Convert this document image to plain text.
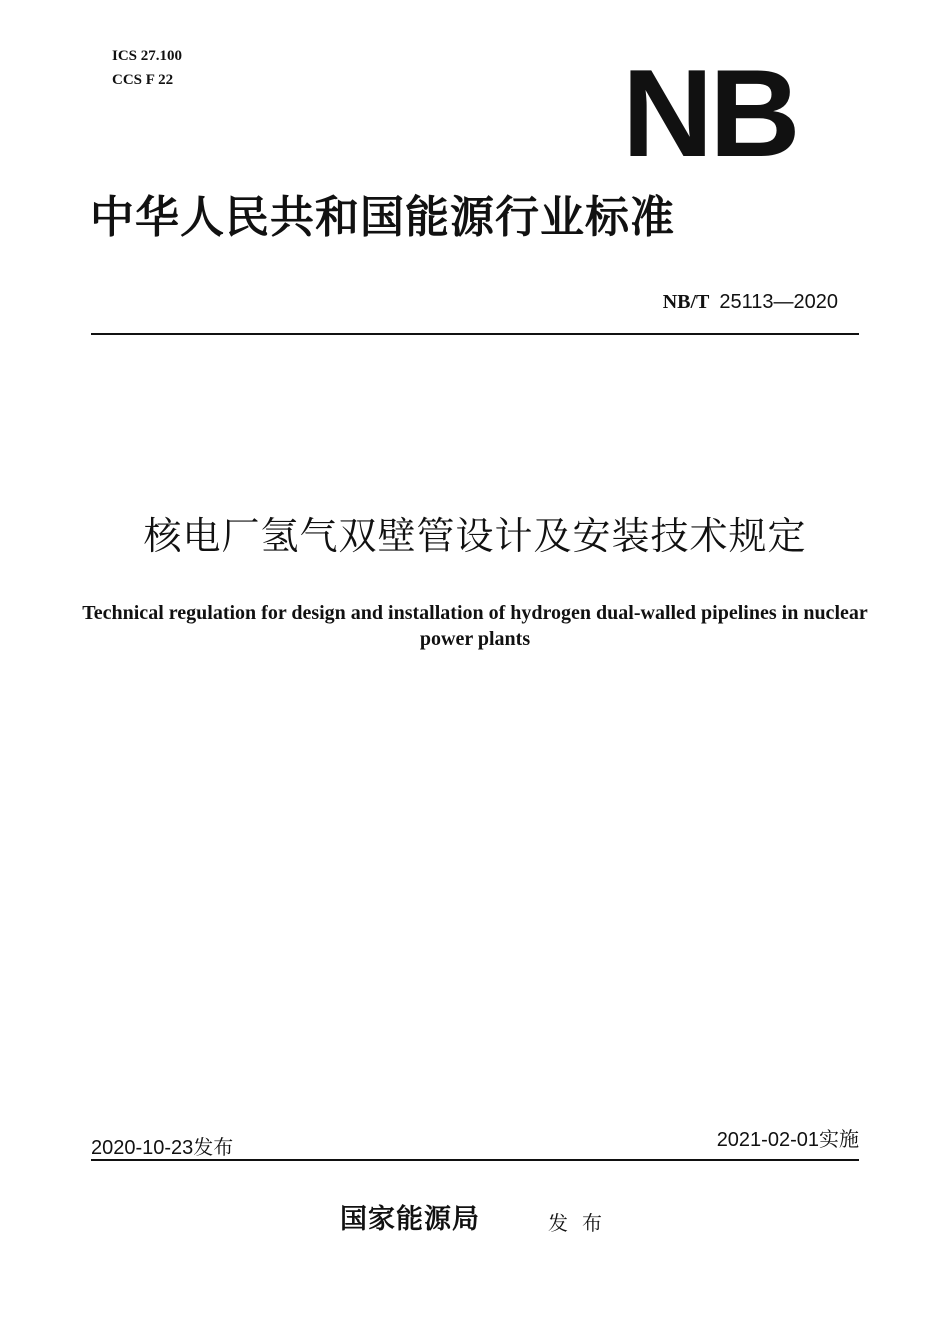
ICS 27.100
CCS F 22	NB
中华人民共和国能源行业标准
NB/T 25113—2020
核电厂氢气双壁管设计及安装技术规定
Technical regulation for design and installation of hydrogen dual-walled pipelines in nuclear power plants
2020-10-23发布	2021-02-01实施
国家能源局	发布
